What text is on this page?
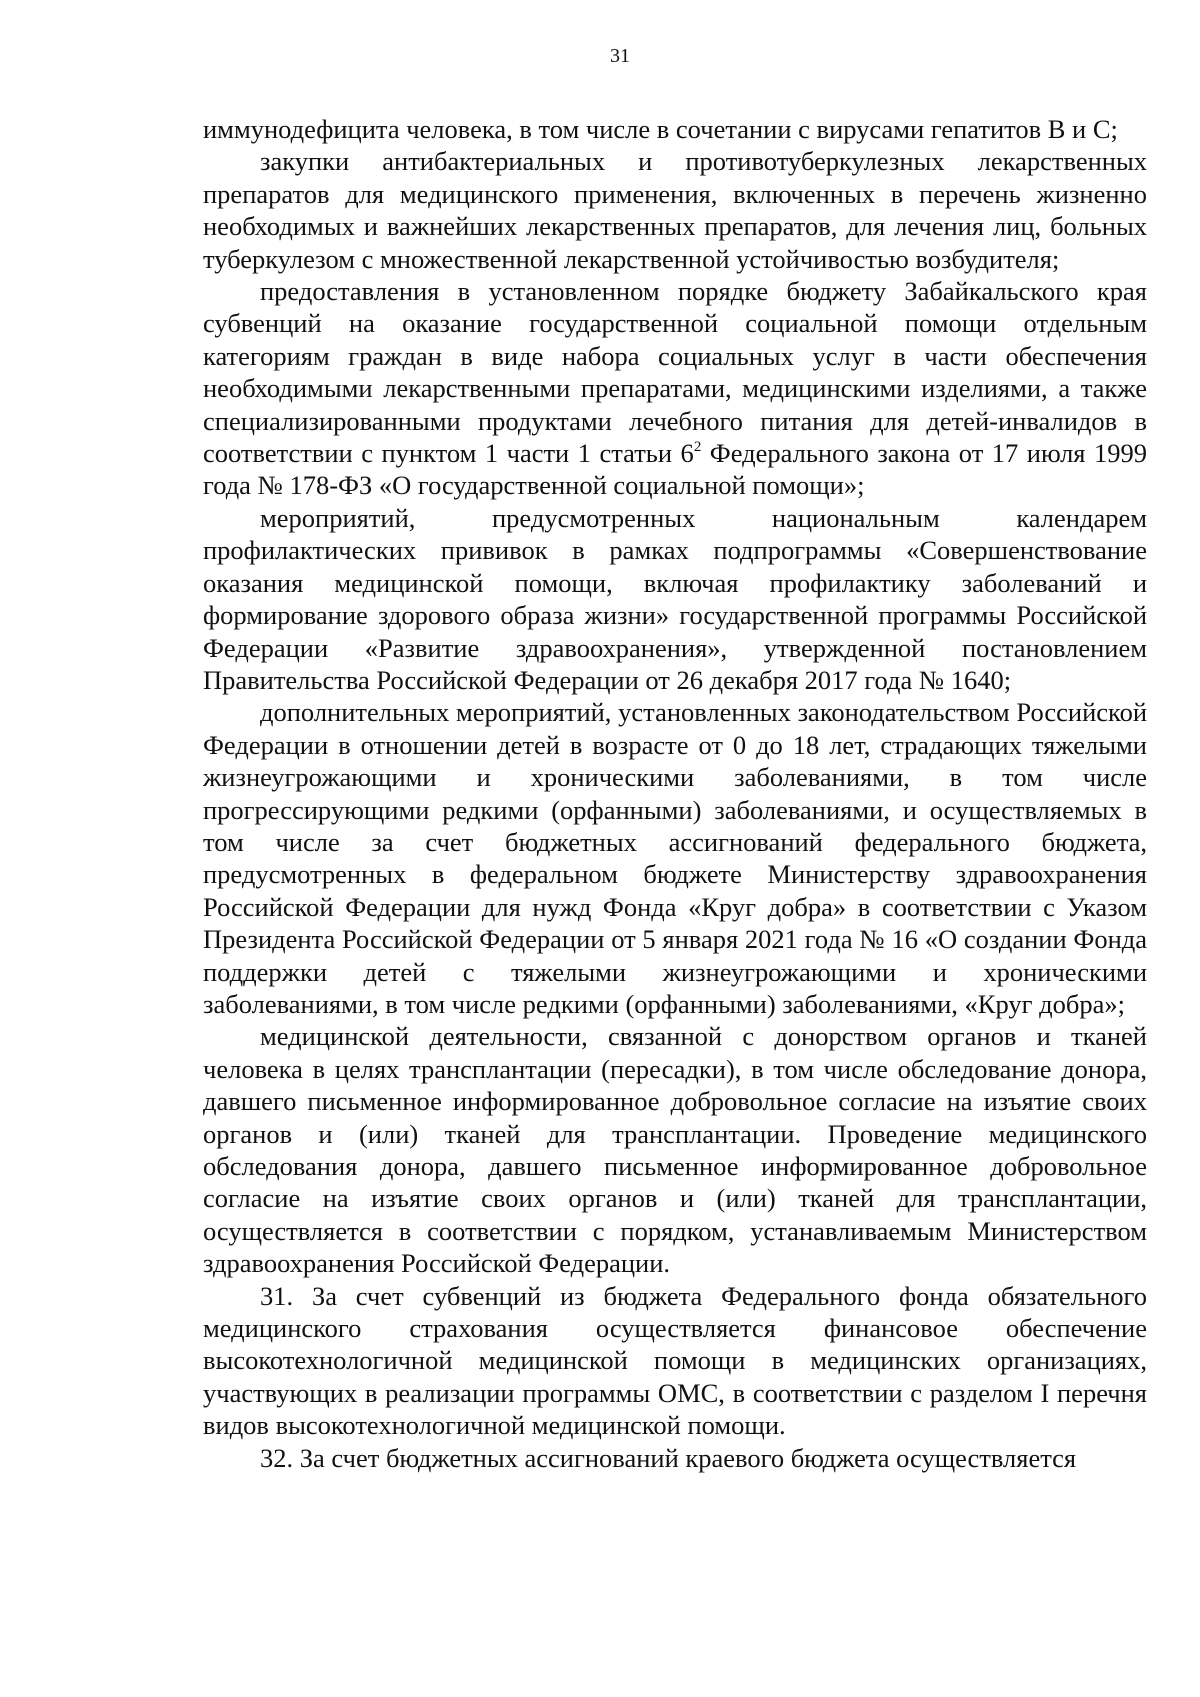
31

иммунодефицита человека, в том числе в сочетании с вирусами гепатитов В и С;

закупки антибактериальных и противотуберкулезных лекарственных препаратов для медицинского применения, включенных в перечень жизненно необходимых и важнейших лекарственных препаратов, для лечения лиц, больных туберкулезом с множественной лекарственной устойчивостью возбудителя;

предоставления в установленном порядке бюджету Забайкальского края субвенций на оказание государственной социальной помощи отдельным категориям граждан в виде набора социальных услуг в части обеспечения необходимыми лекарственными препаратами, медицинскими изделиями, а также специализированными продуктами лечебного питания для детей-инвалидов в соответствии с пунктом 1 части 1 статьи $6^2$ Федерального закона от 17 июля 1999 года № 178-ФЗ «О государственной социальной помощи»;

мероприятий, предусмотренных национальным календарем профилактических прививок в рамках подпрограммы «Совершенствование оказания медицинской помощи, включая профилактику заболеваний и формирование здорового образа жизни» государственной программы Российской Федерации «Развитие здравоохранения», утвержденной постановлением Правительства Российской Федерации от 26 декабря 2017 года № 1640;

дополнительных мероприятий, установленных законодательством Российской Федерации в отношении детей в возрасте от 0 до 18 лет, страдающих тяжелыми жизнеугрожающими и хроническими заболеваниями, в том числе прогрессирующими редкими (орфанными) заболеваниями, и осуществляемых в том числе за счет бюджетных ассигнований федерального бюджета, предусмотренных в федеральном бюджете Министерству здравоохранения Российской Федерации для нужд Фонда «Круг добра» в соответствии с Указом Президента Российской Федерации от 5 января 2021 года № 16 «О создании Фонда поддержки детей с тяжелыми жизнеугрожающими и хроническими заболеваниями, в том числе редкими (орфанными) заболеваниями, «Круг добра»;

медицинской деятельности, связанной с донорством органов и тканей человека в целях трансплантации (пересадки), в том числе обследование донора, давшего письменное информированное добровольное согласие на изъятие своих органов и (или) тканей для трансплантации. Проведение медицинского обследования донора, давшего письменное информированное добровольное согласие на изъятие своих органов и (или) тканей для трансплантации, осуществляется в соответствии с порядком, устанавливаемым Министерством здравоохранения Российской Федерации.

31. За счет субвенций из бюджета Федерального фонда обязательного медицинского страхования осуществляется финансовое обеспечение высокотехнологичной медицинской помощи в медицинских организациях, участвующих в реализации программы ОМС, в соответствии с разделом I перечня видов высокотехнологичной медицинской помощи.

32. За счет бюджетных ассигнований краевого бюджета осуществляется
